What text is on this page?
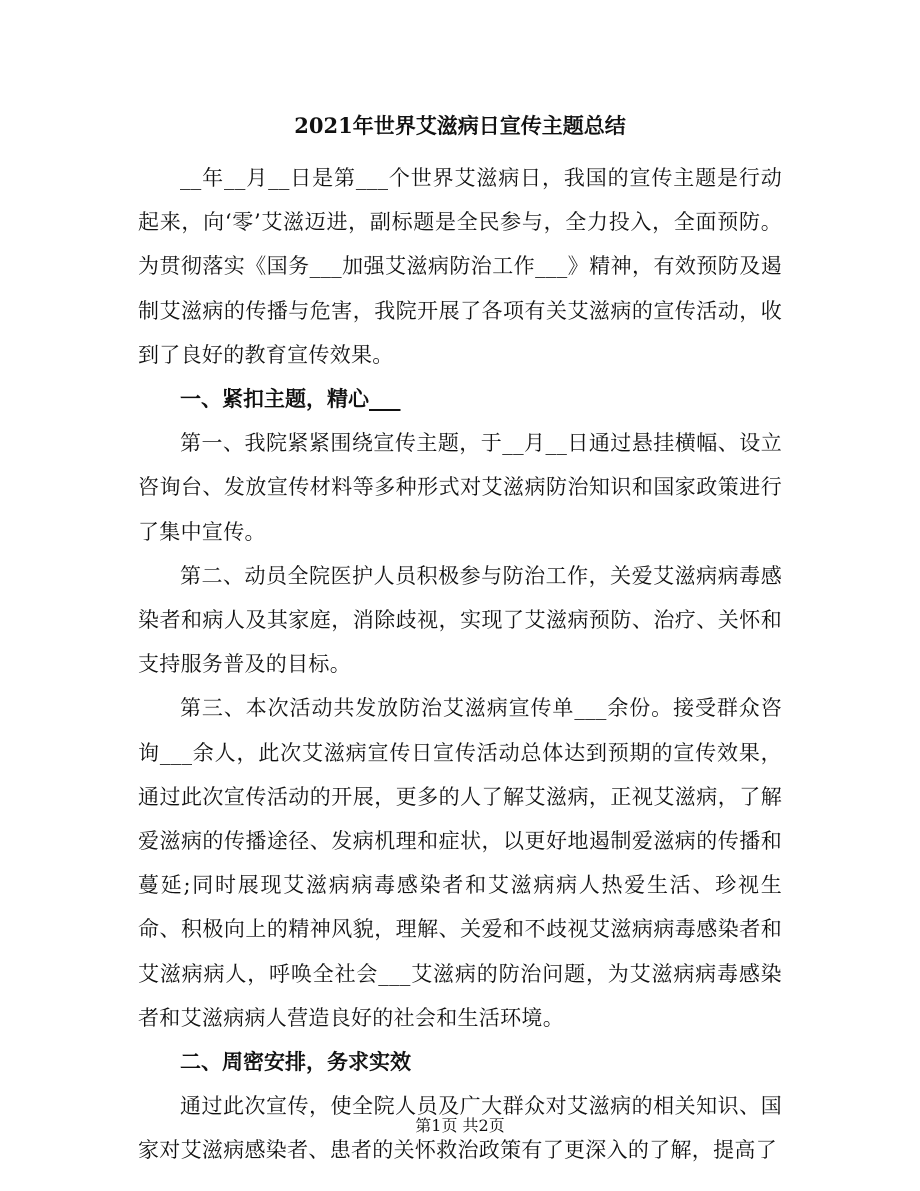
2021年世界艾滋病日宣传主题总结

__年__月__日是第___个世界艾滋病日，我国的宣传主题是行动起来，向‘零’艾滋迈进，副标题是全民参与，全力投入，全面预防。为贯彻落实《国务___加强艾滋病防治工作___》精神，有效预防及遏制艾滋病的传播与危害，我院开展了各项有关艾滋病的宣传活动，收到了良好的教育宣传效果。

一、紧扣主题，精心___

第一、我院紧紧围绕宣传主题，于__月__日通过悬挂横幅、设立咨询台、发放宣传材料等多种形式对艾滋病防治知识和国家政策进行了集中宣传。

第二、动员全院医护人员积极参与防治工作，关爱艾滋病病毒感染者和病人及其家庭，消除歧视，实现了艾滋病预防、治疗、关怀和支持服务普及的目标。

第三、本次活动共发放防治艾滋病宣传单___余份。接受群众咨询___余人，此次艾滋病宣传日宣传活动总体达到预期的宣传效果，通过此次宣传活动的开展，更多的人了解艾滋病，正视艾滋病，了解爱滋病的传播途径、发病机理和症状，以更好地遏制爱滋病的传播和蔓延;同时展现艾滋病病毒感染者和艾滋病病人热爱生活、珍视生命、积极向上的精神风貌，理解、关爱和不歧视艾滋病病毒感染者和艾滋病病人，呼唤全社会___艾滋病的防治问题，为艾滋病病毒感染者和艾滋病病人营造良好的社会和生活环境。

二、周密安排，务求实效

通过此次宣传，使全院人员及广大群众对艾滋病的相关知识、国家对艾滋病感染者、患者的关怀救治政策有了更深入的了解，提高了

第1页 共2页
